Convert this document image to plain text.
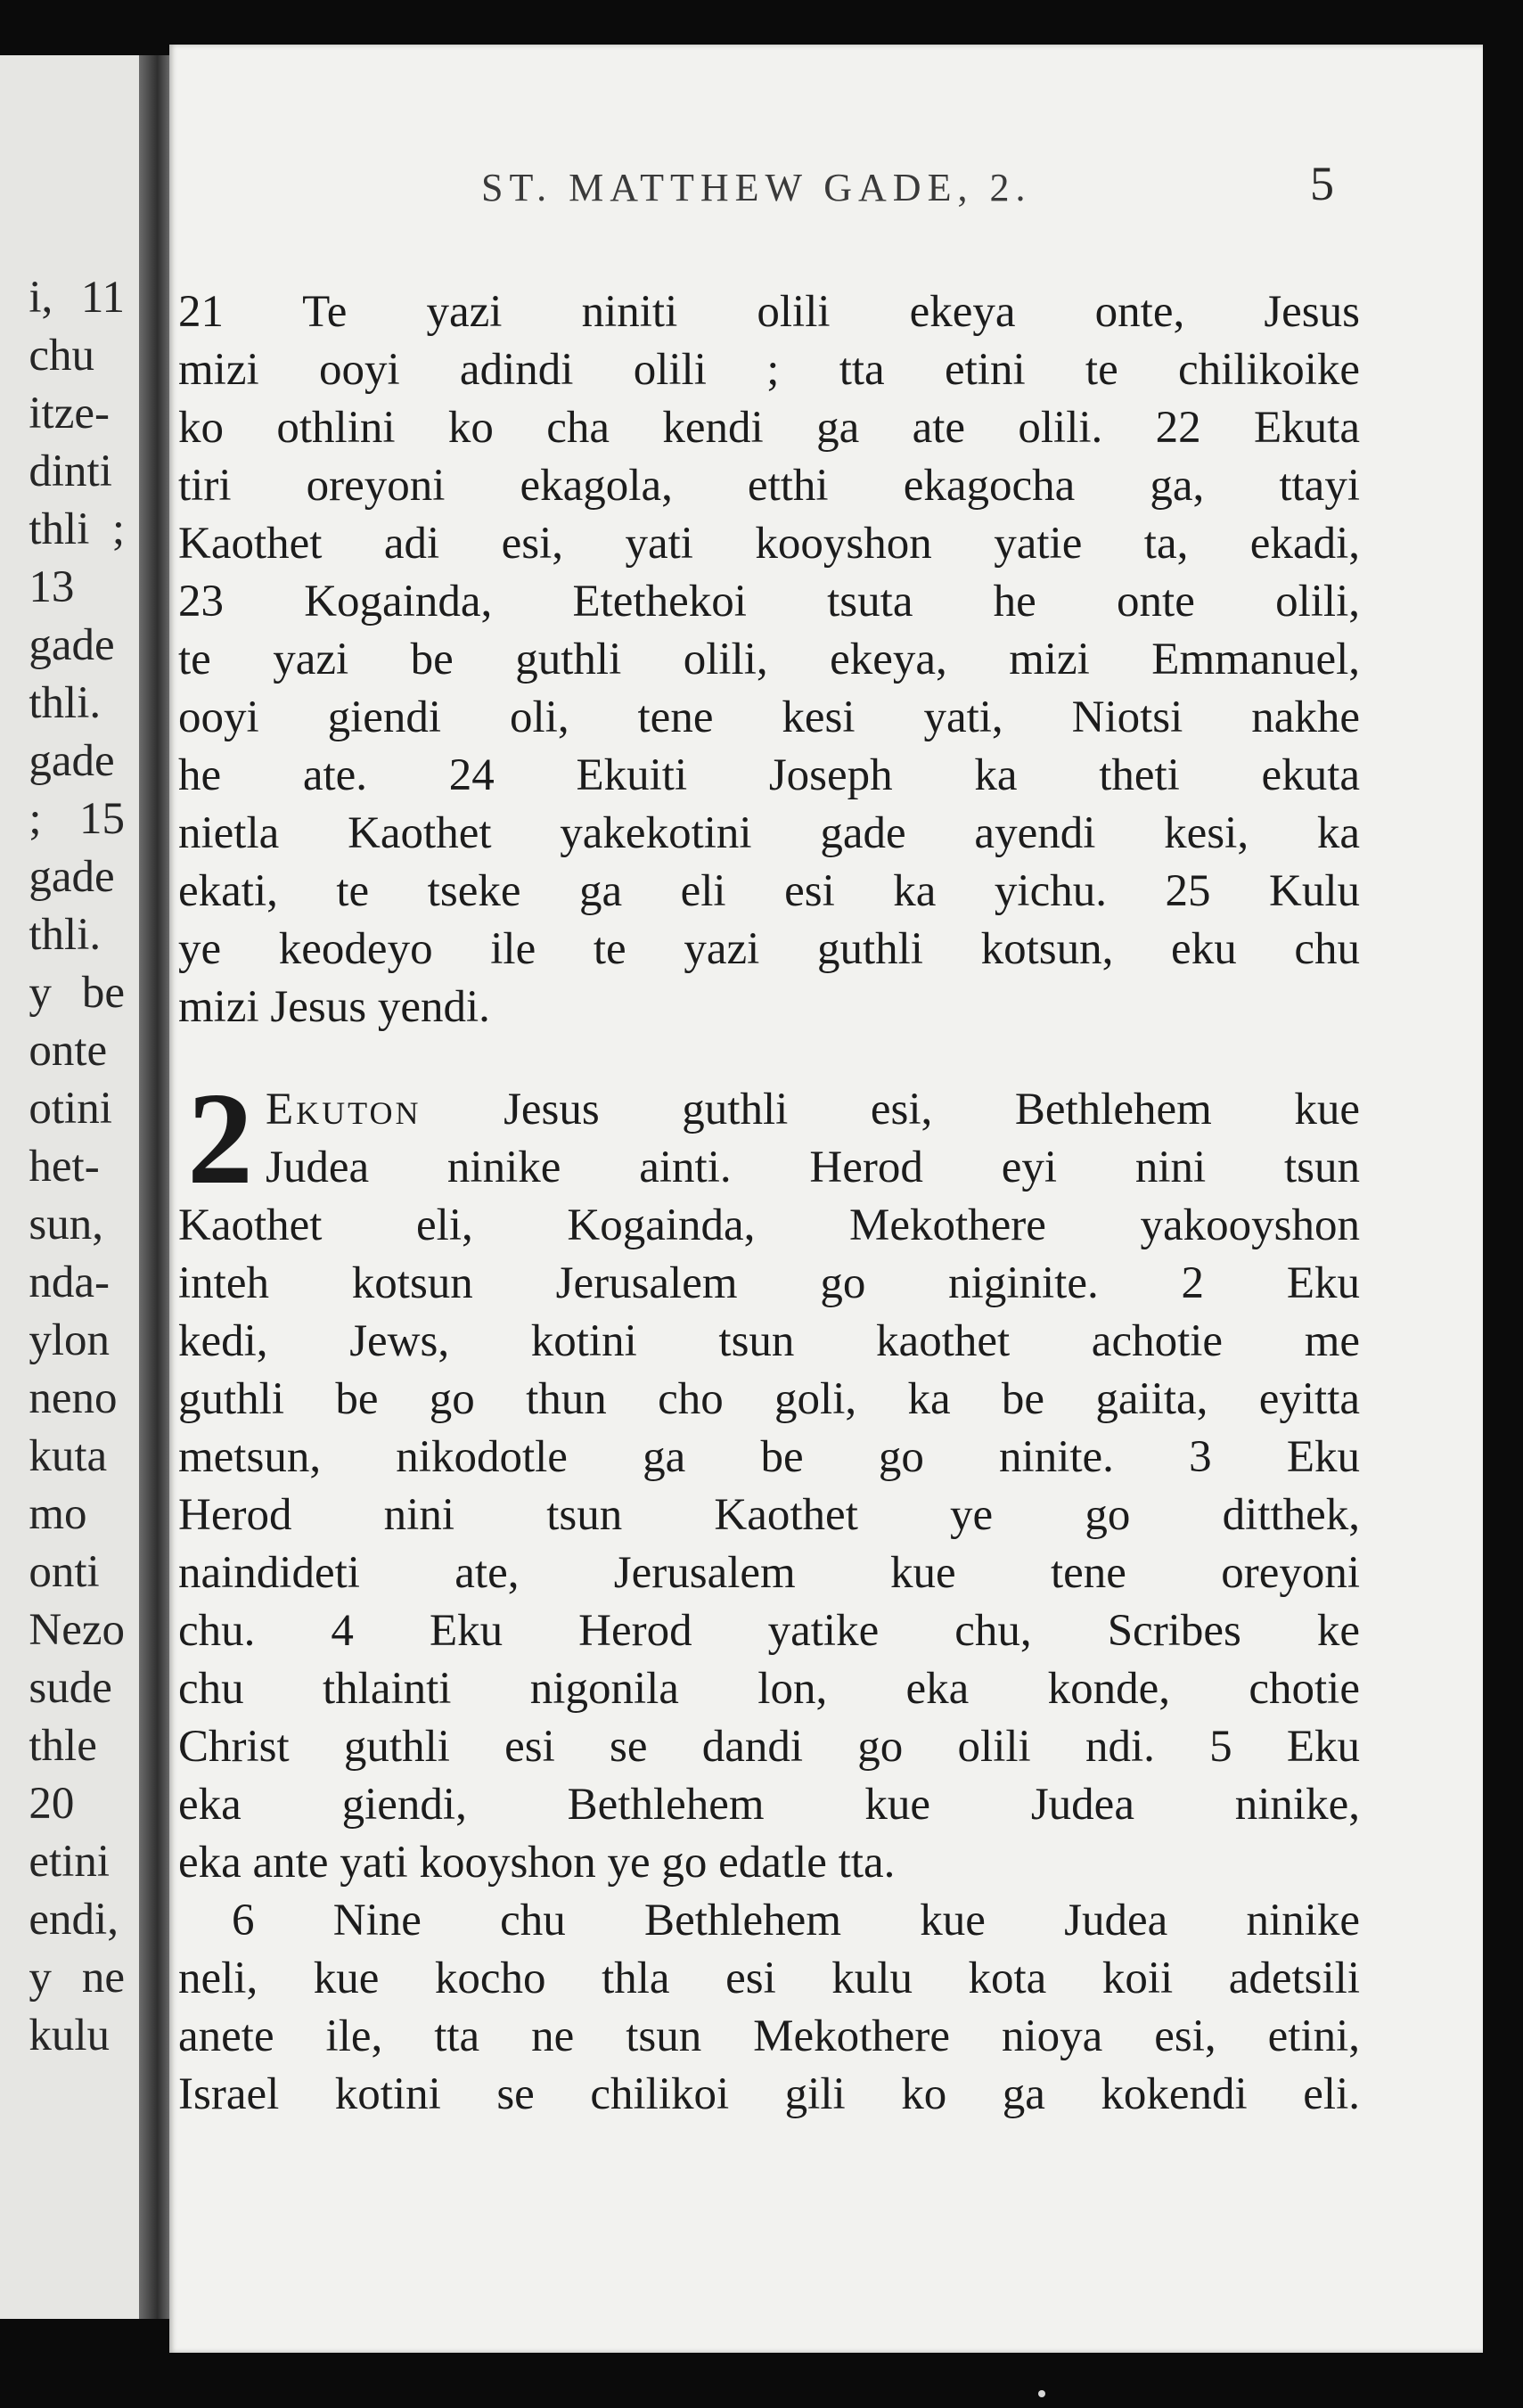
i, 11
chu
itze-
dinti
thli ;
13
gade
thli.
gade
; 15
gade
thli.
y be
onte
otini
het-
sun,
nda-
ylon
neno
kuta
mo
onti
Nezo
sude
thle
20
etini
endi,
y ne
kulu
ST. MATTHEW GADE, 2.	5
21 Te yazi niniti olili ekeya onte, Jesus
mizi ooyi adindi olili ; tta etini te chilikoike
ko othlini ko cha kendi ga ate olili. 22 Ekuta
tiri oreyoni ekagola, etthi ekagocha ga, ttayi
Kaothet adi esi, yati kooyshon yatie ta, ekadi,
23 Kogainda, Etethekoi tsuta he onte olili,
te yazi be guthli olili, ekeya, mizi Emmanuel,
ooyi giendi oli, tene kesi yati, Niotsi nakhe
he ate. 24 Ekuiti Joseph ka theti ekuta
nietla Kaothet yakekotini gade ayendi kesi, ka
ekati, te tseke ga eli esi ka yichu. 25 Kulu
ye keodeyo ile te yazi guthli kotsun, eku chu
mizi Jesus yendi.
2 Ekuton Jesus guthli esi, Bethlehem kue
Judea ninike ainti. Herod eyi nini tsun
Kaothet eli, Kogainda, Mekothere yakooyshon
inteh kotsun Jerusalem go niginite. 2 Eku
kedi, Jews, kotini tsun kaothet achotie me
guthli be go thun cho goli, ka be gaiita, eyitta
metsun, nikodotle ga be go ninite. 3 Eku
Herod nini tsun Kaothet ye go ditthek,
naindideti ate, Jerusalem kue tene oreyoni
chu. 4 Eku Herod yatike chu, Scribes ke
chu thlainti nigonila lon, eka konde, chotie
Christ guthli esi se dandi go olili ndi. 5 Eku
eka giendi, Bethlehem kue Judea ninike,
eka ante yati kooyshon ye go edatle tta.
6 Nine chu Bethlehem kue Judea ninike
neli, kue kocho thla esi kulu kota koii adetsili
anete ile, tta ne tsun Mekothere nioya esi, etini,
Israel kotini se chilikoi gili ko ga kokendi eli.
